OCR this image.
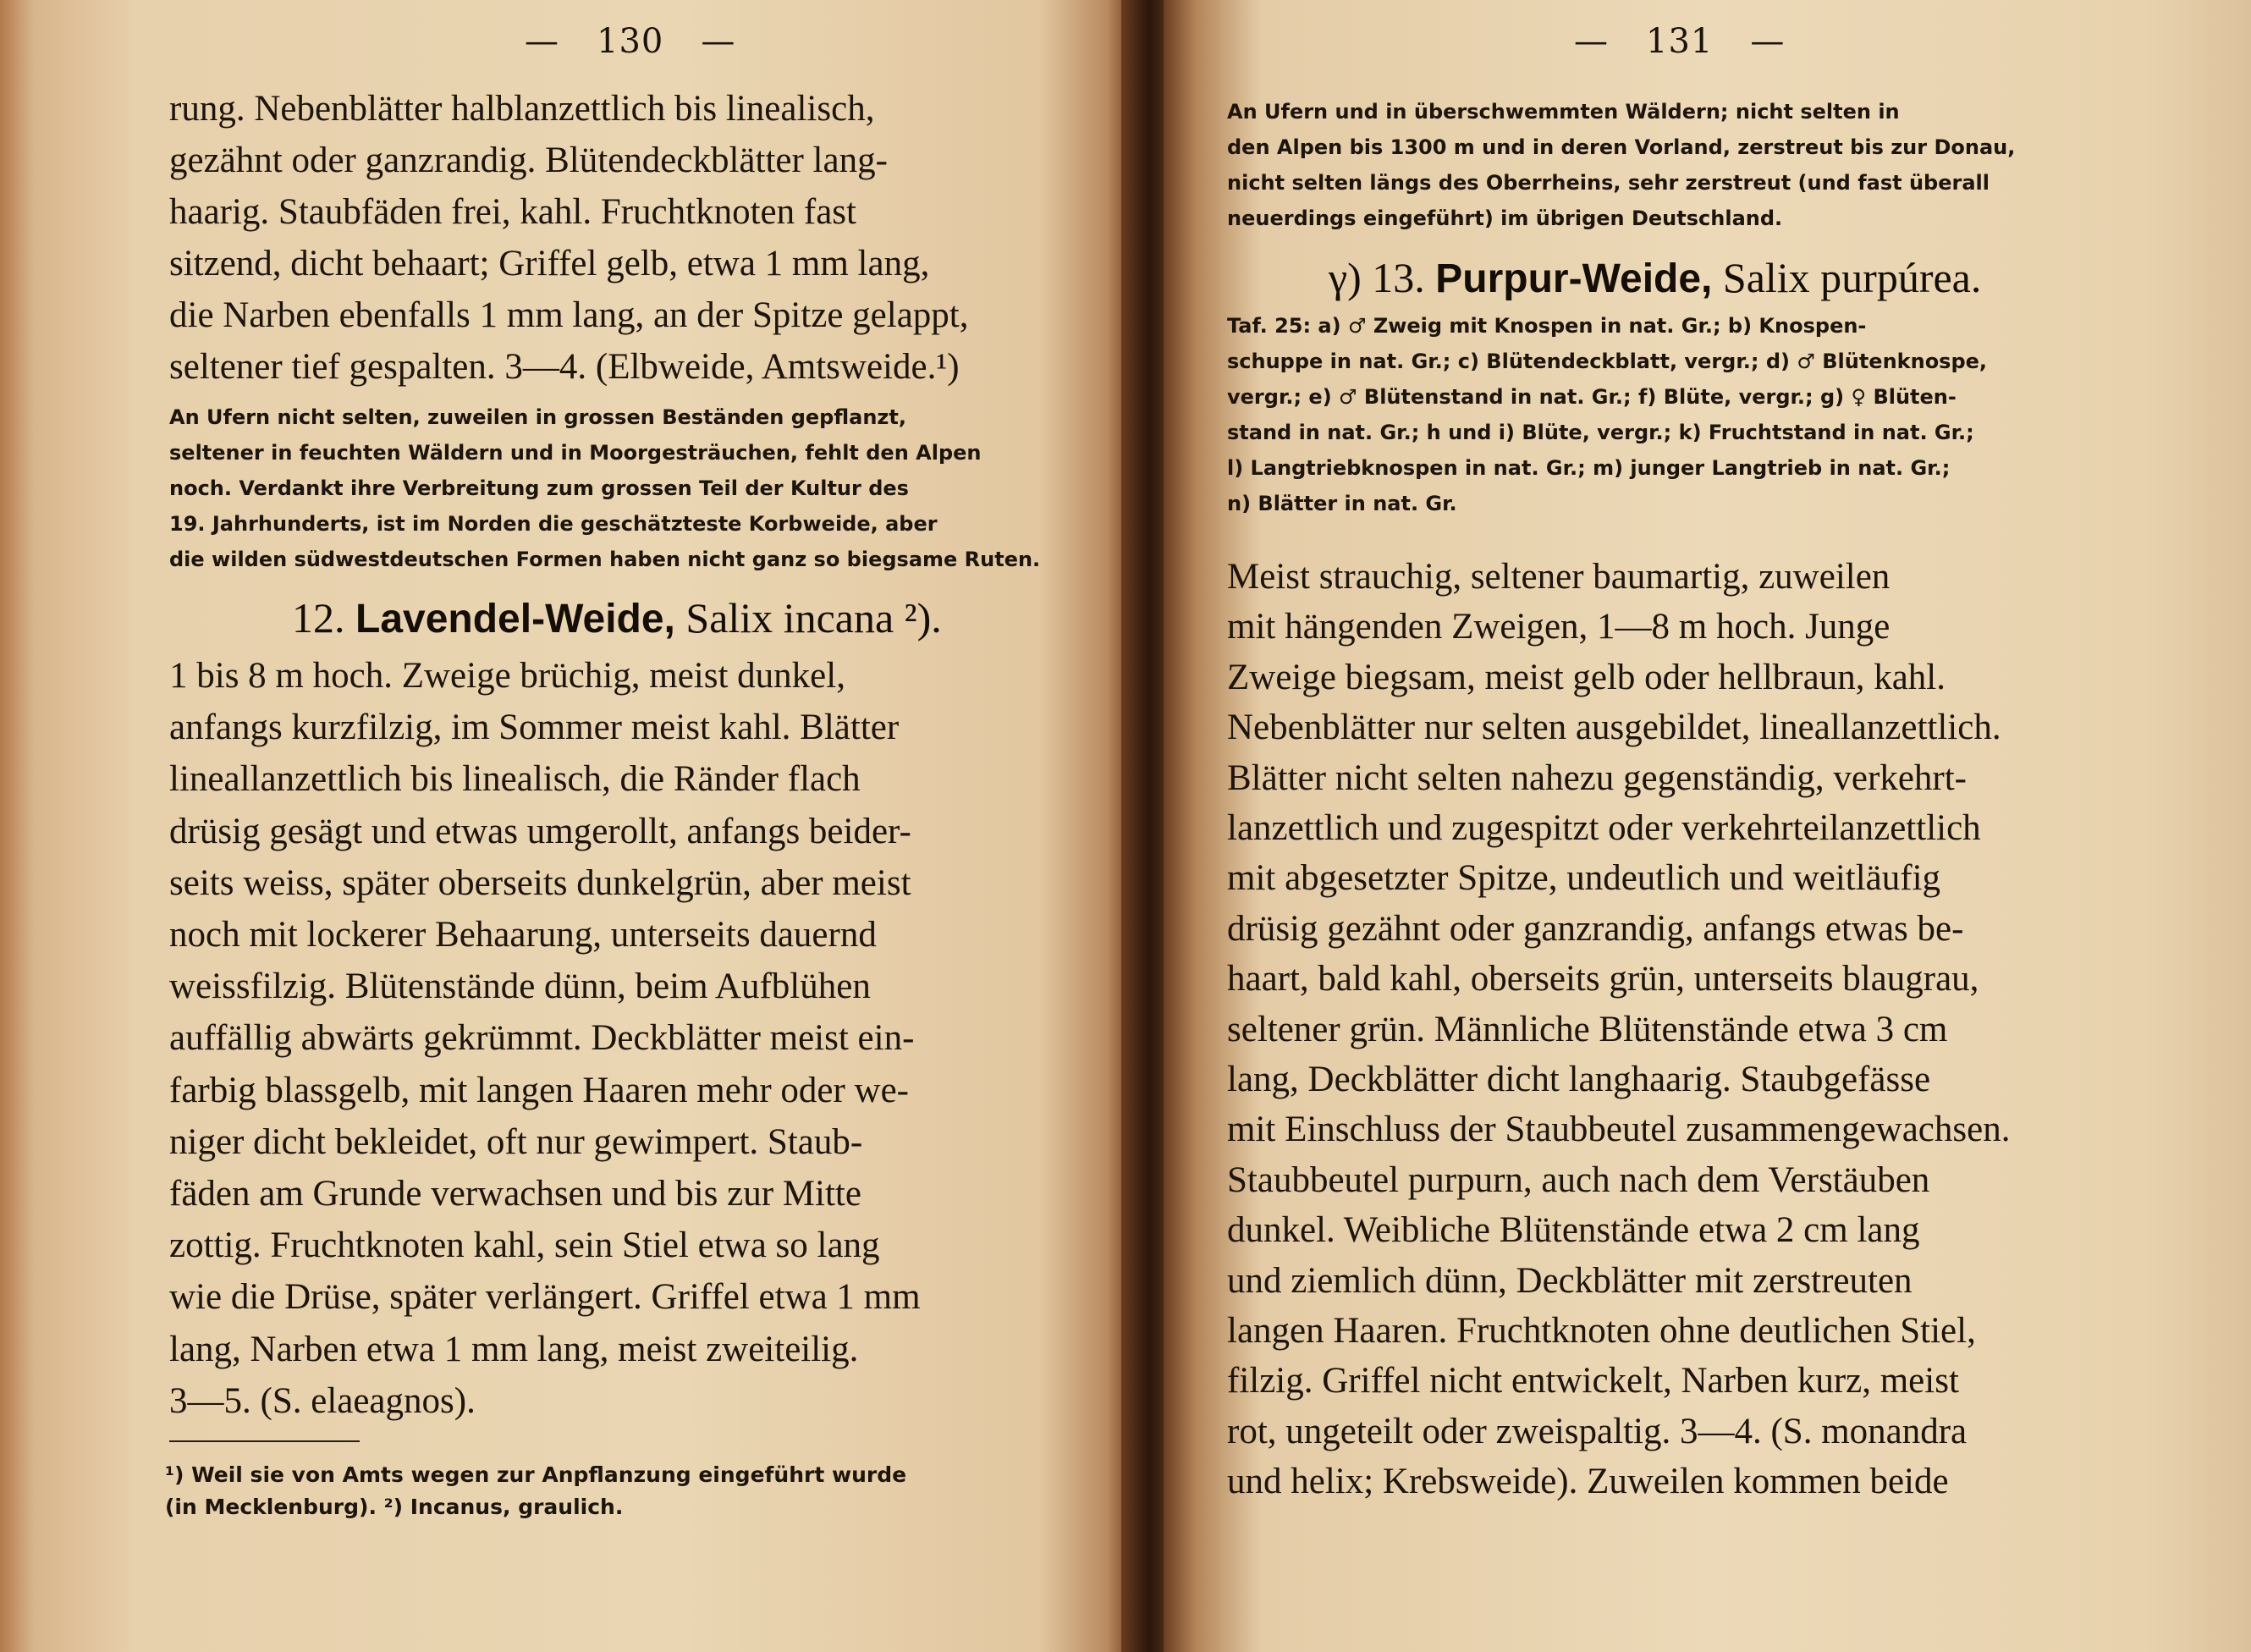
— 130 —
rung. Nebenblätter halblanzettlich bis linealisch,
gezähnt oder ganzrandig. Blütendeckblätter lang-
haarig. Staubfäden frei, kahl. Fruchtknoten fast
sitzend, dicht behaart; Griffel gelb, etwa 1 mm lang,
die Narben ebenfalls 1 mm lang, an der Spitze gelappt,
seltener tief gespalten. 3—4. (Elbweide, Amtsweide.¹)
An Ufern nicht selten, zuweilen in grossen Beständen gepflanzt,
seltener in feuchten Wäldern und in Moorgesträuchen, fehlt den Alpen
noch. Verdankt ihre Verbreitung zum grossen Teil der Kultur des
19. Jahrhunderts, ist im Norden die geschätzteste Korbweide, aber
die wilden südwestdeutschen Formen haben nicht ganz so biegsame Ruten.
12. Lavendel-Weide, Salix incana ²).
1 bis 8 m hoch. Zweige brüchig, meist dunkel,
anfangs kurzfilzig, im Sommer meist kahl. Blätter
lineallanzettlich bis linealisch, die Ränder flach
drüsig gesägt und etwas umgerollt, anfangs beider-
seits weiss, später oberseits dunkelgrün, aber meist
noch mit lockerer Behaarung, unterseits dauernd
weissfilzig. Blütenstände dünn, beim Aufblühen
auffällig abwärts gekrümmt. Deckblätter meist ein-
farbig blassgelb, mit langen Haaren mehr oder we-
niger dicht bekleidet, oft nur gewimpert. Staub-
fäden am Grunde verwachsen und bis zur Mitte
zottig. Fruchtknoten kahl, sein Stiel etwa so lang
wie die Drüse, später verlängert. Griffel etwa 1 mm
lang, Narben etwa 1 mm lang, meist zweiteilig.
3—5. (S. elaeagnos).
¹) Weil sie von Amts wegen zur Anpflanzung eingeführt wurde
(in Mecklenburg). ²) Incanus, graulich.
— 131 —
An Ufern und in überschwemmten Wäldern; nicht selten in
den Alpen bis 1300 m und in deren Vorland, zerstreut bis zur Donau,
nicht selten längs des Oberrheins, sehr zerstreut (und fast überall
neuerdings eingeführt) im übrigen Deutschland.
γ) 13. Purpur-Weide, Salix purpúrea.
Taf. 25: a) ♂ Zweig mit Knospen in nat. Gr.; b) Knospen-
schuppe in nat. Gr.; c) Blütendeckblatt, vergr.; d) ♂ Blütenknospe,
vergr.; e) ♂ Blütenstand in nat. Gr.; f) Blüte, vergr.; g) ♀ Blüten-
stand in nat. Gr.; h und i) Blüte, vergr.; k) Fruchtstand in nat. Gr.;
l) Langtriebknospen in nat. Gr.; m) junger Langtrieb in nat. Gr.;
n) Blätter in nat. Gr.
Meist strauchig, seltener baumartig, zuweilen
mit hängenden Zweigen, 1—8 m hoch. Junge
Zweige biegsam, meist gelb oder hellbraun, kahl.
Nebenblätter nur selten ausgebildet, lineallanzettlich.
Blätter nicht selten nahezu gegenständig, verkehrt-
lanzettlich und zugespitzt oder verkehrteilanzettlich
mit abgesetzter Spitze, undeutlich und weitläufig
drüsig gezähnt oder ganzrandig, anfangs etwas be-
haart, bald kahl, oberseits grün, unterseits blaugrau,
seltener grün. Männliche Blütenstände etwa 3 cm
lang, Deckblätter dicht langhaarig. Staubgefässe
mit Einschluss der Staubbeutel zusammengewachsen.
Staubbeutel purpurn, auch nach dem Verstäuben
dunkel. Weibliche Blütenstände etwa 2 cm lang
und ziemlich dünn, Deckblätter mit zerstreuten
langen Haaren. Fruchtknoten ohne deutlichen Stiel,
filzig. Griffel nicht entwickelt, Narben kurz, meist
rot, ungeteilt oder zweispaltig. 3—4. (S. monandra
und helix; Krebsweide). Zuweilen kommen beide
